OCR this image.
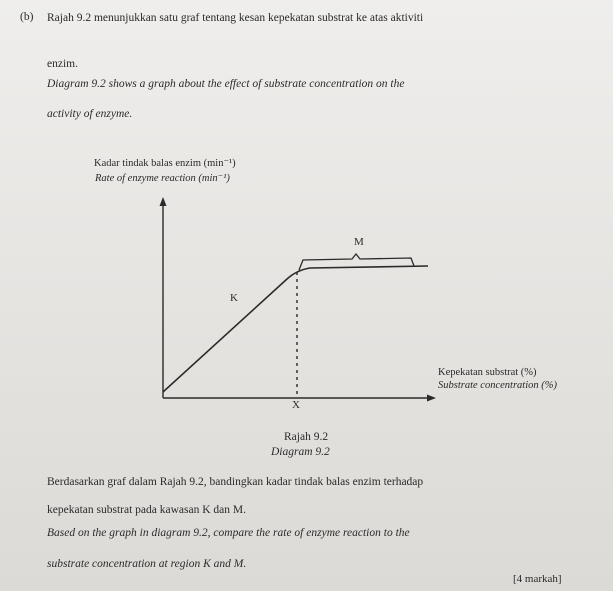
(b) Rajah 9.2 menunjukkan satu graf tentang kesan kepekatan substrat ke atas aktiviti
enzim.
Diagram 9.2 shows a graph about the effect of substrate concentration on the
activity of enzyme.
Kadar tindak balas enzim (min⁻¹)
Rate of enzyme reaction (min⁻¹)
M
K
X
Kepekatan substrat (%)
Substrate concentration (%)
Rajah 9.2
Diagram 9.2
Berdasarkan graf dalam Rajah 9.2, bandingkan kadar tindak balas enzim terhadap
kepekatan substrat pada kawasan K dan M.
Based on the graph in diagram 9.2, compare the rate of enzyme reaction to the
substrate concentration at region K and M.
[4 markah]
